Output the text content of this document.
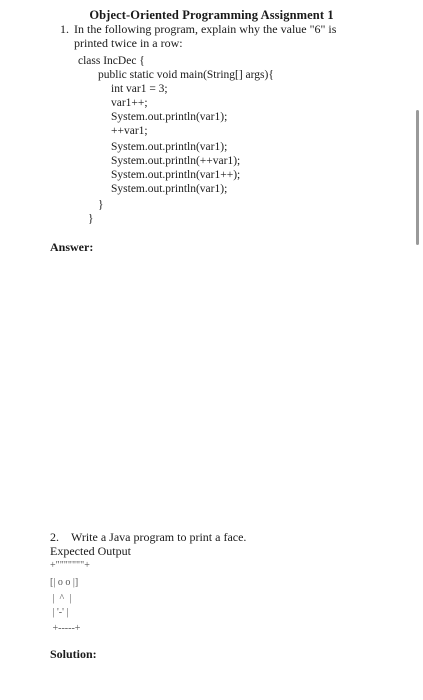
Object-Oriented Programming Assignment 1
1. In the following program, explain why the value "6" is
printed twice in a row:
class IncDec {
public static void main(String[] args){
int var1 = 3;
var1++;
System.out.println(var1);
++var1;
System.out.println(var1);
System.out.println(++var1);
System.out.println(var1++);
System.out.println(var1);
}
}
Answer:
2. Write a Java program to print a face.
Expected Output
+"""""""+
[| o o |]
|  ^  |
| '-' |
+-----+
Solution:
